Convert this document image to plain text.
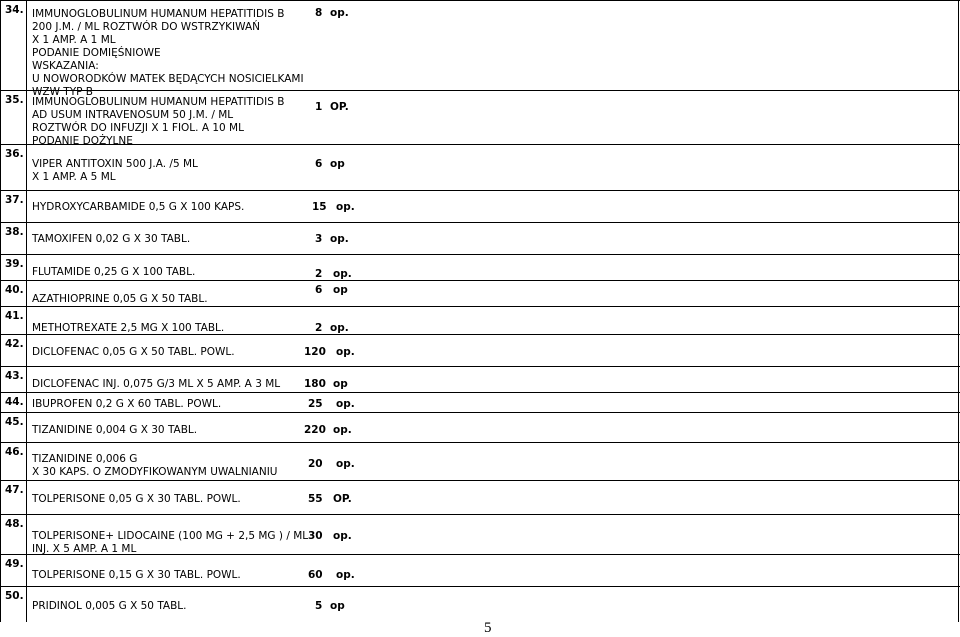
34. IMMUNOGLOBULINUM HUMANUM HEPATITIDIS B
200 J.M. / ML ROZTWÓR DO WSTRZYKIWAŃ
X 1 AMP. A 1 ML
PODANIE DOMIĘŚNIOWE
WSKAZANIA:
U NOWORODKÓW MATEK BĘDĄCYCH NOSICIELKAMI
WZW TYP B
8 op.
35. IMMUNOGLOBULINUM HUMANUM HEPATITIDIS B
AD USUM INTRAVENOSUM 50 J.M. / ML
ROZTWÓR DO INFUZJI X 1 FIOL. A 10 ML
PODANIE DOŻYLNE
1 OP.
36.
VIPER ANTITOXIN 500 J.A. /5 ML
X 1 AMP. A 5 ML
6 op
37.
HYDROXYCARBAMIDE 0,5 G X 100 KAPS.	15 op.
38.
TAMOXIFEN 0,02 G X 30 TABL.	3 op.
39.
FLUTAMIDE 0,25 G X 100 TABL.	2 op.
40.
AZATHIOPRINE 0,05 G X 50 TABL.
6 op
41.
METHOTREXATE 2,5 MG X 100 TABL.	2 op.
42.
DICLOFENAC 0,05 G X 50 TABL. POWL.	120 op.
43.
DICLOFENAC INJ. 0,075 G/3 ML X 5 AMP. A 3 ML 180 op
44. IBUPROFEN 0,2 G X 60 TABL. POWL.	25 op.
45.
TIZANIDINE 0,004 G X 30 TABL.	220 op.
46.
TIZANIDINE 0,006 G
X 30 KAPS. O ZMODYFIKOWANYM UWALNIANIU
20 op.
47.
TOLPERISONE 0,05 G X 30 TABL. POWL.	55 OP.
48.
TOLPERISONE+ LIDOCAINE (100 MG + 2,5 MG ) / ML
INJ. X 5 AMP. A 1 ML
30 op.
49.
TOLPERISONE 0,15 G X 30 TABL. POWL.	60 op.
50.
PRIDINOL 0,005 G X 50 TABL.	5 op
5
